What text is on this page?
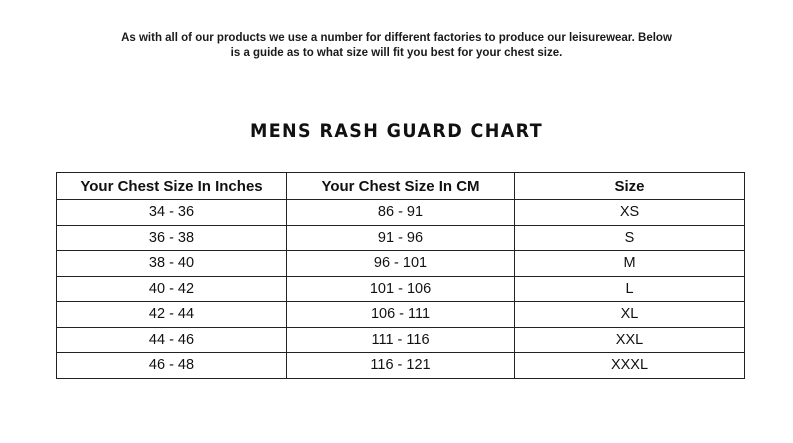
As with all of our products we use a number for different factories to produce our leisurewear. Below
is a guide as to what size will fit you best for your chest size.
MENS RASH GUARD CHART
Your Chest Size In Inches	Your Chest Size In CM	Size
34 - 36	86 - 91	XS
36 - 38	91 - 96	S
38 - 40	96 - 101	M
40 - 42	101 - 106	L
42 - 44	106 - 111	XL
44 - 46	111 - 116	XXL
46 - 48	116 - 121	XXXL
